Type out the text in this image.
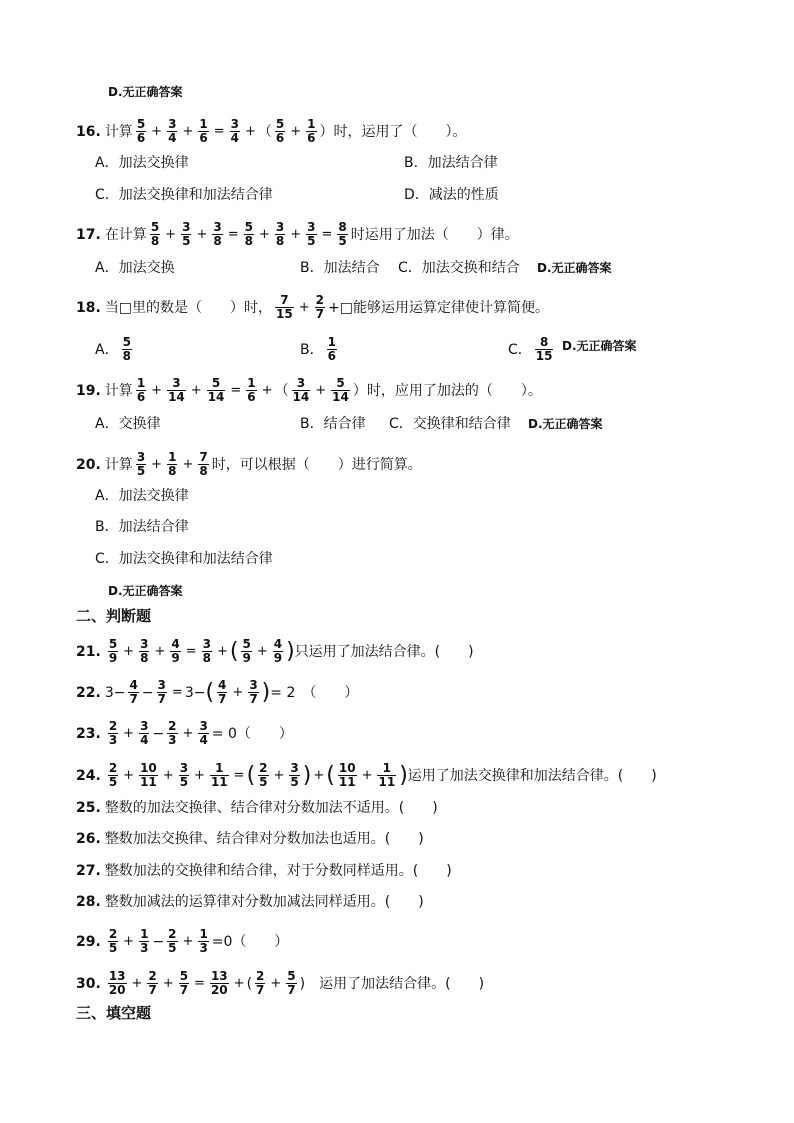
D.无正确答案
16. 计算 $\frac{5}{6} + \frac{3}{4} + \frac{1}{6} = \frac{3}{4}$ + （ $\frac{5}{6} + \frac{1}{6}$ ） 时，运用了（ ）。
A．加法交换律	B．加法结合律
C．加法交换律和加法结合律	D．减法的性质
17. 在计算 $\frac{5}{8} + \frac{3}{5} + \frac{3}{8} = \frac{5}{8} + \frac{3}{8} + \frac{3}{5} = \frac{8}{5}$ 时运用了加法（　　）律。
A．加法交换	B．加法结合 C．加法交换和结合 D.无正确答案
18. 当□里的数是（　　）时， $\frac{7}{15} + \frac{2}{7}$ +□能够运用运算定律使计算简便。
A． $\frac{5}{8}$	B． $\frac{1}{6}$	C． $\frac{8}{15} D$.无正确答案
19. 计算 $\frac{1}{6} + \frac{3}{14} + \frac{5}{14} = \frac{1}{6}$ + （ $\frac{3}{14} + \frac{5}{14}$ ）时，应用了加法的（　　）。
A．交换律	B．结合律 C．交换律和结合律 D.无正确答案
20. 计算 $\frac{3}{5} + \frac{1}{8} + \frac{7}{8}$ 时，可以根据（　　）进行简算。
A．加法交换律
B．加法结合律
C．加法交换律和加法结合律
D.无正确答案
二、判断题
21. $\frac{5}{9} + \frac{3}{8} + \frac{4}{9} = \frac{3}{8}$ + ( $\frac{5}{9} + \frac{4}{9}$ ) 只运用了加法结合律。(　　)
22. $3- \frac{4}{7} - \frac{3}{7} = 3-$ ( $\frac{4}{7} + \frac{3}{7}$ ) = 2　（　　）
23. $\frac{2}{3} + \frac{3}{4} - \frac{2}{3} + \frac{3}{4} = 0$（　　）
24. $\frac{2}{5} + \frac{10}{11} + \frac{3}{5} + \frac{1}{11}$ = ( $\frac{2}{5} + \frac{3}{5}$ ) + ( $\frac{10}{11} + \frac{1}{11}$ ) 运用了加法交换律和加法结合律。(　　)
25. 整数的加法交换律、结合律对分数加法不适用。(　　)
26. 整数加法交换律、结合律对分数加法也适用。(　　)
27. 整数加法的交换律和结合律，对于分数同样适用。(　　)
28. 整数加减法的运算律对分数加减法同样适用。(　　)
29. $\frac{2}{5} + \frac{1}{3} - \frac{2}{5} + \frac{1}{3} =0$（　　）
30. $\frac{13}{20} + \frac{2}{7} + \frac{5}{7} = \frac{13}{20}$ + ( $\frac{2}{7} + \frac{5}{7}$ ) 运用了加法结合律。(　　)
三、填空题
